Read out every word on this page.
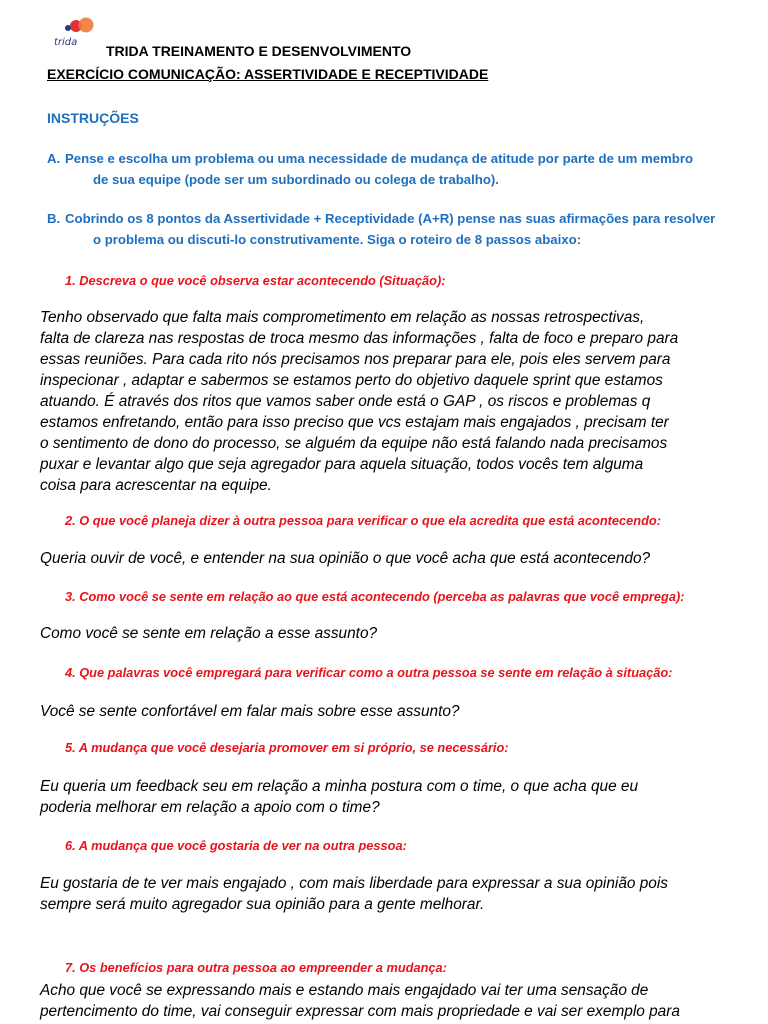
trida
TRIDA TREINAMENTO E DESENVOLVIMENTO
EXERCÍCIO COMUNICAÇÃO: ASSERTIVIDADE E RECEPTIVIDADE
INSTRUÇÕES
A. Pense e escolha um problema ou uma necessidade de mudança de atitude por parte de um membro
de sua equipe (pode ser um subordinado ou colega de trabalho).
B. Cobrindo os 8 pontos da Assertividade + Receptividade (A+R) pense nas suas afirmações para resolver
o problema ou discuti-lo construtivamente. Siga o roteiro de 8 passos abaixo:
1. Descreva o que você observa estar acontecendo (Situação):
Tenho observado que falta mais comprometimento em relação as nossas retrospectivas,
falta de clareza nas respostas de troca mesmo das informações , falta de foco e preparo para
essas reuniões. Para cada rito nós precisamos nos preparar para ele, pois eles servem para
inspecionar , adaptar e sabermos se estamos perto do objetivo daquele sprint que estamos
atuando. É através dos ritos que vamos saber onde está o GAP , os riscos e problemas q
estamos enfretando, então para isso preciso que vcs estajam mais engajados , precisam ter
o sentimento de dono do processo, se alguém da equipe não está falando nada precisamos
puxar e levantar algo que seja agregador para aquela situação, todos vocês tem alguma
coisa para acrescentar na equipe.
2. O que você planeja dizer à outra pessoa para verificar o que ela acredita que está acontecendo:
Queria ouvir de você, e entender na sua opinião o que você acha que está acontecendo?
3. Como você se sente em relação ao que está acontecendo (perceba as palavras que você emprega):
Como você se sente em relação a esse assunto?
4. Que palavras você empregará para verificar como a outra pessoa se sente em relação à situação:
Você se sente confortável em falar mais sobre esse assunto?
5. A mudança que você desejaria promover em si próprio, se necessário:
Eu queria um feedback seu em relação a minha postura com o time, o que acha que eu
poderia melhorar em relação a apoio com o time?
6. A mudança que você gostaria de ver na outra pessoa:
Eu gostaria de te ver mais engajado , com mais liberdade para expressar a sua opinião pois
sempre será muito agregador sua opinião para a gente melhorar.
7. Os benefícios para outra pessoa ao empreender a mudança:
Acho que você se expressando mais e estando mais engajdado vai ter uma sensação de
pertencimento do time, vai conseguir expressar com mais propriedade e vai ser exemplo para
